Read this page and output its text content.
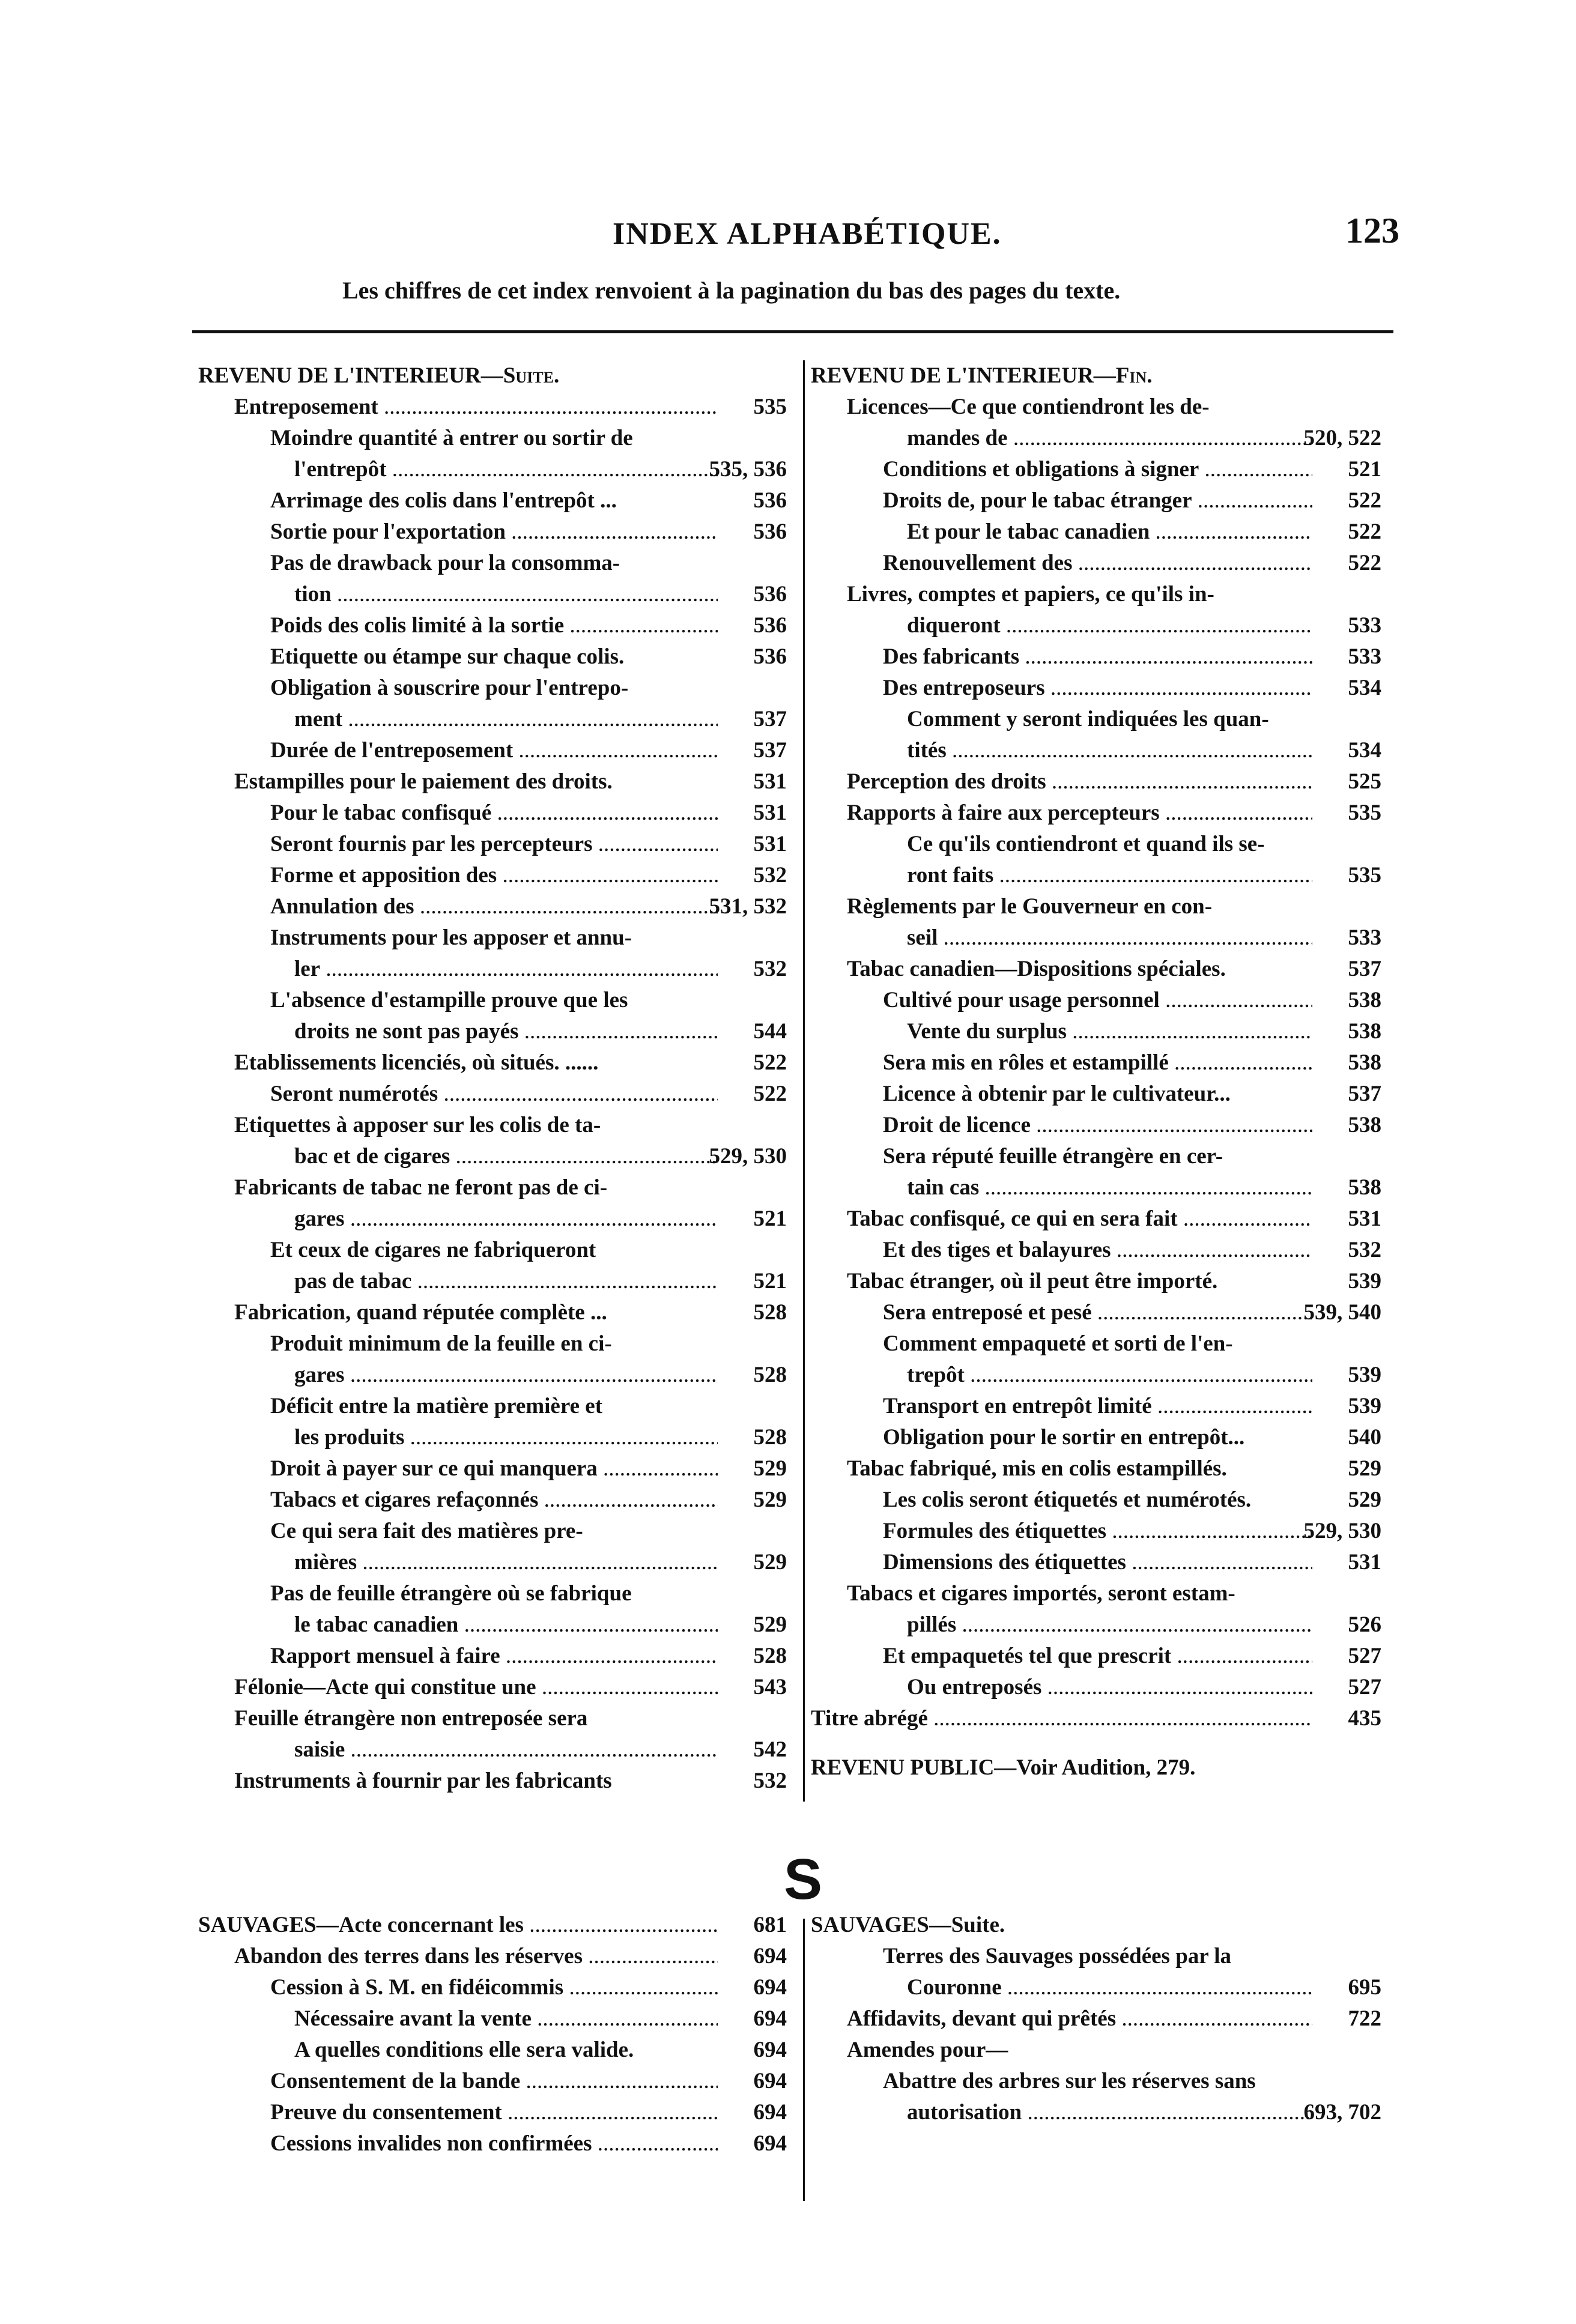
INDEX ALPHABÉTIQUE.	123
Les chiffres de cet index renvoient à la pagination du bas des pages du texte.
REVENU DE L'INTERIEUR—Suite.
Entreposement .....	535
Moindre quantité à entrer ou sortir de
l'entrepôt .....	535, 536
Arrimage des colis dans l'entrepôt ...	536
Sortie pour l'exportation .....	536
Pas de drawback pour la consomma-
tion .....	536
Poids des colis limité à la sortie .....	536
Etiquette ou étampe sur chaque colis.	536
Obligation à souscrire pour l'entrepo-
ment .....	537
Durée de l'entreposement .....	537
Estampilles pour le paiement des droits.	531
Pour le tabac confisqué .....	531
Seront fournis par les percepteurs .....	531
Forme et apposition des .....	532
Annulation des .....	531, 532
Instruments pour les apposer et annu-
ler .....	532
L'absence d'estampille prouve que les
droits ne sont pas payés .....	544
Etablissements licenciés, où situés. ......	522
Seront numérotés .....	522
Etiquettes à apposer sur les colis de ta-
bac et de cigares .....	529, 530
Fabricants de tabac ne feront pas de ci-
gares .....	521
Et ceux de cigares ne fabriqueront
pas de tabac .....	521
Fabrication, quand réputée complète ...	528
Produit minimum de la feuille en ci-
gares .....	528
Déficit entre la matière première et
les produits .....	528
Droit à payer sur ce qui manquera .....	529
Tabacs et cigares refaçonnés .....	529
Ce qui sera fait des matières pre-
mières .....	529
Pas de feuille étrangère où se fabrique
le tabac canadien .....	529
Rapport mensuel à faire .....	528
Félonie—Acte qui constitue une .....	543
Feuille étrangère non entreposée sera
saisie .....	542
Instruments à fournir par les fabricants	532
REVENU DE L'INTERIEUR—Fin.
Licences—Ce que contiendront les de-
mandes de .....	520, 522
Conditions et obligations à signer .....	521
Droits de, pour le tabac étranger .....	522
Et pour le tabac canadien .....	522
Renouvellement des .....	522
Livres, comptes et papiers, ce qu'ils in-
diqueront .....	533
Des fabricants .....	533
Des entreposeurs .....	534
Comment y seront indiquées les quan-
tités .....	534
Perception des droits .....	525
Rapports à faire aux percepteurs .....	535
Ce qu'ils contiendront et quand ils se-
ront faits .....	535
Règlements par le Gouverneur en con-
seil .....	533
Tabac canadien—Dispositions spéciales.	537
Cultivé pour usage personnel .....	538
Vente du surplus .....	538
Sera mis en rôles et estampillé .....	538
Licence à obtenir par le cultivateur...	537
Droit de licence .....	538
Sera réputé feuille étrangère en cer-
tain cas .....	538
Tabac confisqué, ce qui en sera fait .....	531
Et des tiges et balayures .....	532
Tabac étranger, où il peut être importé.	539
Sera entreposé et pesé .....	539, 540
Comment empaqueté et sorti de l'en-
trepôt .....	539
Transport en entrepôt limité .....	539
Obligation pour le sortir en entrepôt...	540
Tabac fabriqué, mis en colis estampillés.	529
Les colis seront étiquetés et numérotés.	529
Formules des étiquettes .....	529, 530
Dimensions des étiquettes .....	531
Tabacs et cigares importés, seront estam-
pillés .....	526
Et empaquetés tel que prescrit .....	527
Ou entreposés .....	527
Titre abrégé .....	435
REVENU PUBLIC—Voir Audition, 279.
S
SAUVAGES—Acte concernant les .....	681
Abandon des terres dans les réserves .....	694
Cession à S. M. en fidéicommis .....	694
Nécessaire avant la vente .....	694
A quelles conditions elle sera valide.	694
Consentement de la bande .....	694
Preuve du consentement .....	694
Cessions invalides non confirmées .....	694
SAUVAGES—Suite.
Terres des Sauvages possédées par la
Couronne .....	695
Affidavits, devant qui prêtés .....	722
Amendes pour—
Abattre des arbres sur les réserves sans
autorisation .....	693, 702
